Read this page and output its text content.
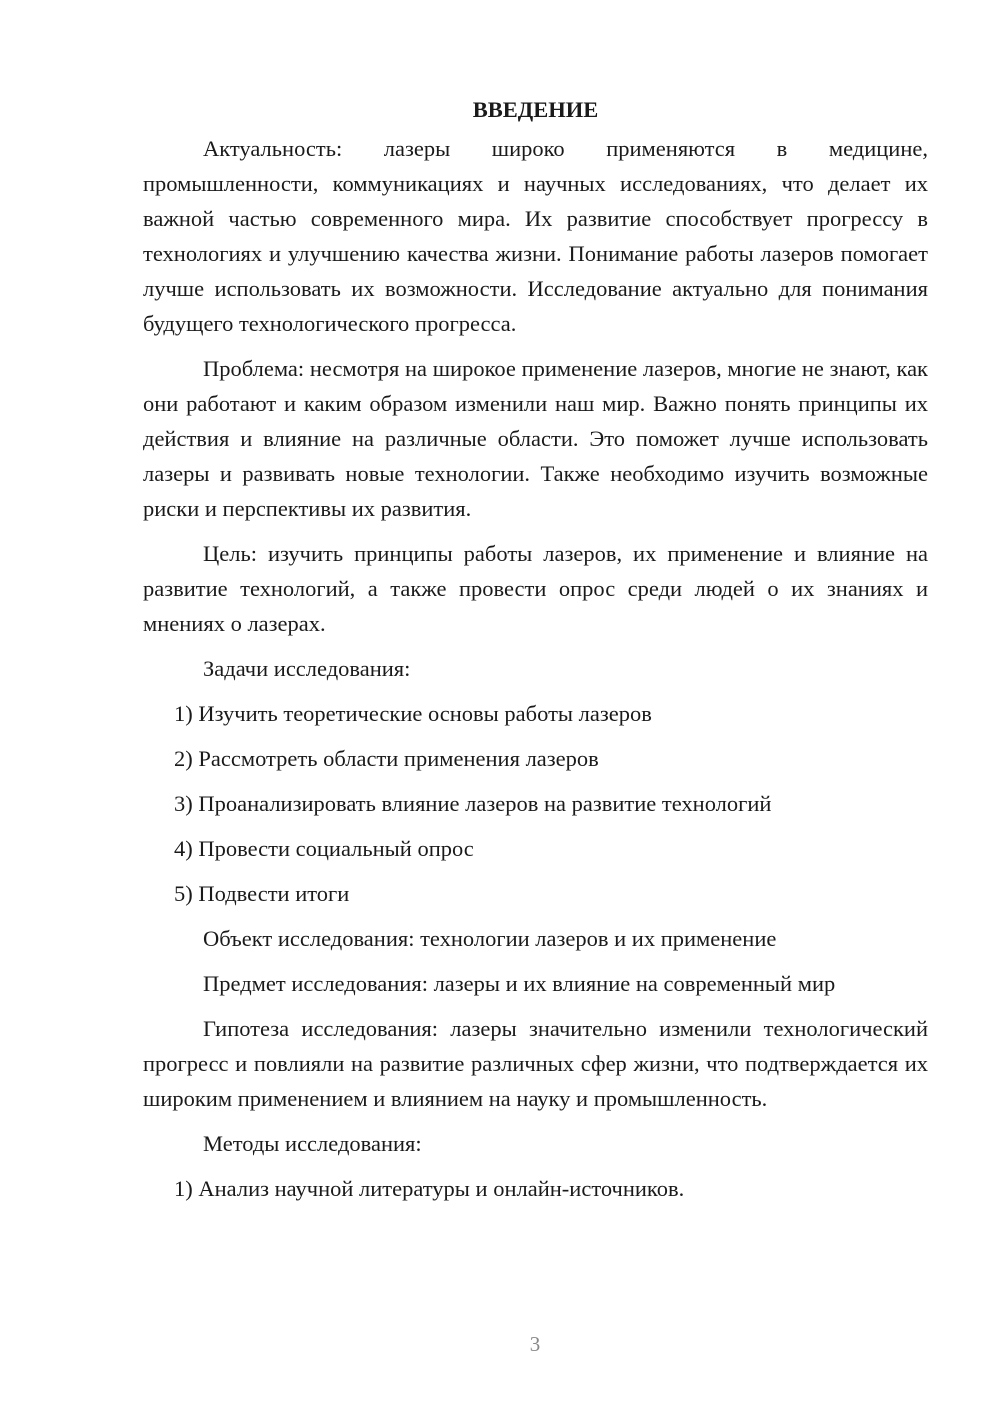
ВВЕДЕНИЕ

Актуальность: лазеры широко применяются в медицине, промышленности, коммуникациях и научных исследованиях, что делает их важной частью современного мира. Их развитие способствует прогрессу в технологиях и улучшению качества жизни. Понимание работы лазеров помогает лучше использовать их возможности. Исследование актуально для понимания будущего технологического прогресса.

Проблема: несмотря на широкое применение лазеров, многие не знают, как они работают и каким образом изменили наш мир. Важно понять принципы их действия и влияние на различные области. Это поможет лучше использовать лазеры и развивать новые технологии. Также необходимо изучить возможные риски и перспективы их развития.

Цель: изучить принципы работы лазеров, их применение и влияние на развитие технологий, а также провести опрос среди людей о их знаниях и мнениях о лазерах.

Задачи исследования:
1) Изучить теоретические основы работы лазеров
2) Рассмотреть области применения лазеров
3) Проанализировать влияние лазеров на развитие технологий
4) Провести социальный опрос
5) Подвести итоги
Объект исследования: технологии лазеров и их применение
Предмет исследования: лазеры и их влияние на современный мир

Гипотеза исследования: лазеры значительно изменили технологический прогресс и повлияли на развитие различных сфер жизни, что подтверждается их широким применением и влиянием на науку и промышленность.

Методы исследования:
1) Анализ научной литературы и онлайн-источников.
3
